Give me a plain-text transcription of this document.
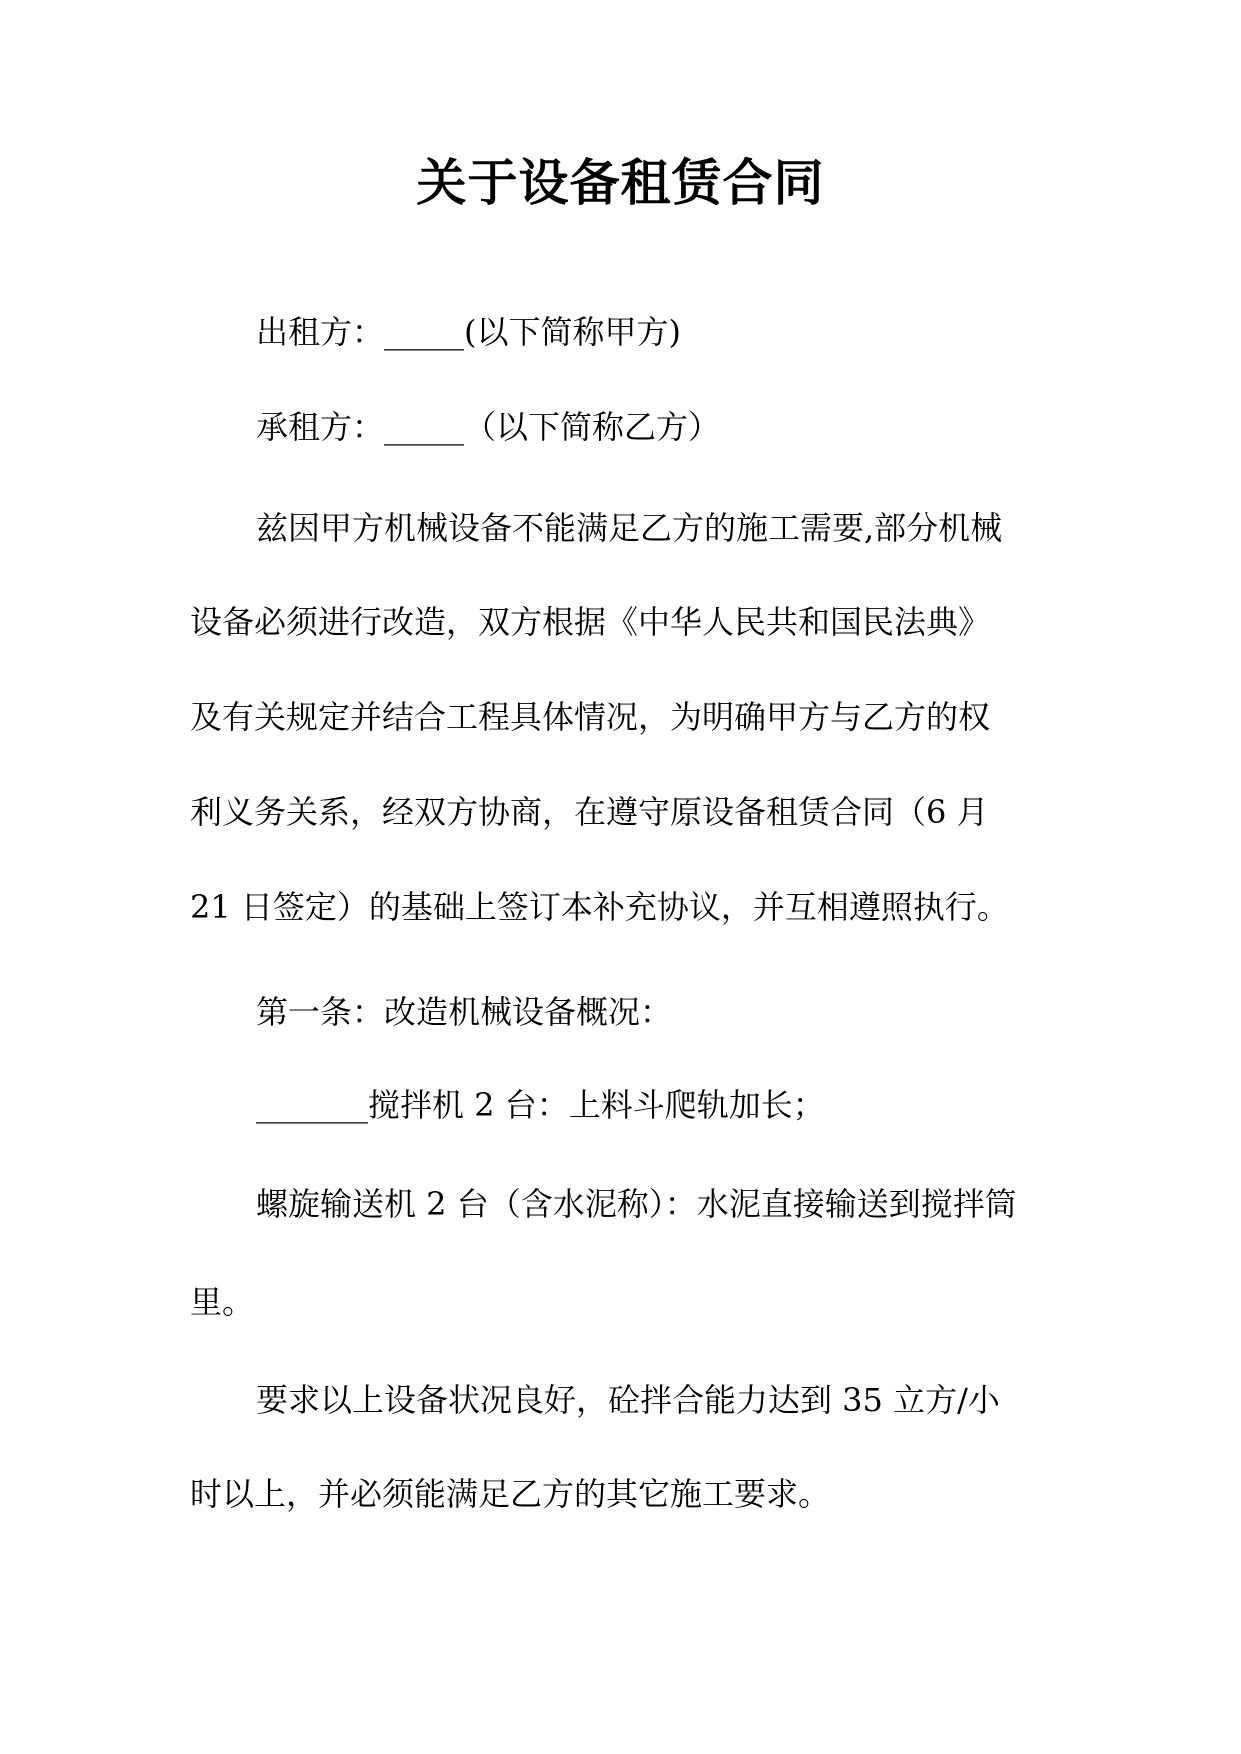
关于设备租赁合同
出租方：_____(以下简称甲方)
承租方：_____（以下简称乙方）
兹因甲方机械设备不能满足乙方的施工需要,部分机械
设备必须进行改造，双方根据《中华人民共和国民法典》
及有关规定并结合工程具体情况，为明确甲方与乙方的权
利义务关系，经双方协商，在遵守原设备租赁合同（6 月
21 日签定）的基础上签订本补充协议，并互相遵照执行。
第一条：改造机械设备概况：
_______搅拌机 2 台：上料斗爬轨加长；
螺旋输送机 2 台（含水泥称）：水泥直接输送到搅拌筒
里。
要求以上设备状况良好，砼拌合能力达到 35 立方/小
时以上，并必须能满足乙方的其它施工要求。
